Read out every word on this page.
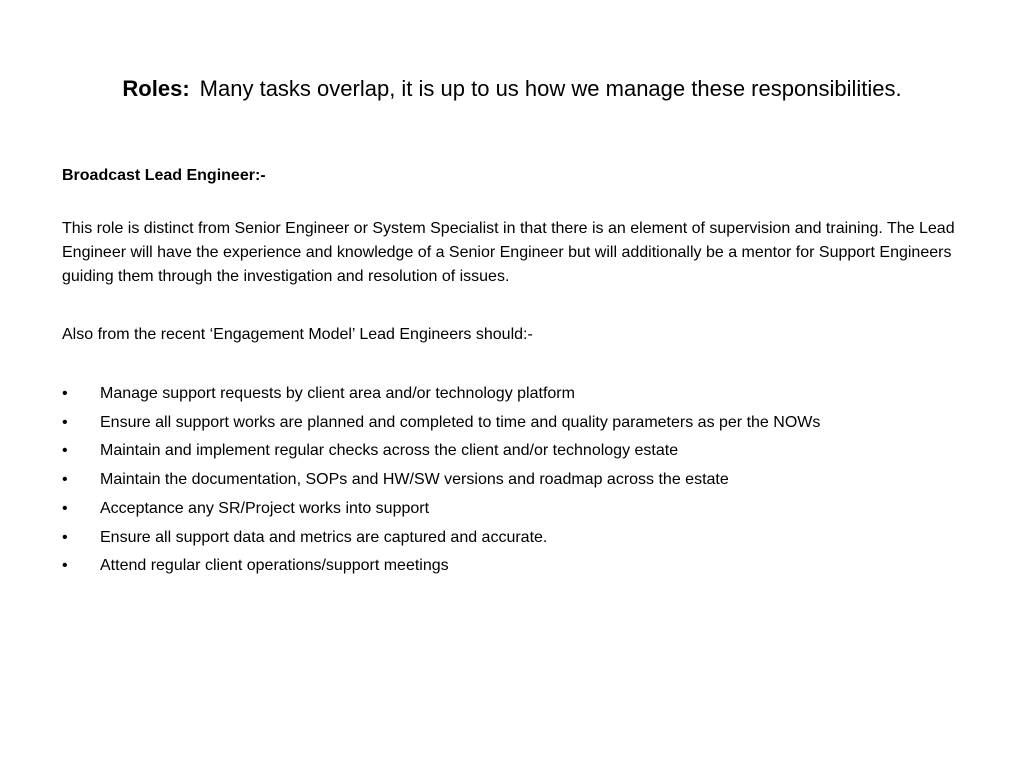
Roles: Many tasks overlap, it is up to us how we manage these responsibilities.

Broadcast Lead Engineer:-

This role is distinct from Senior Engineer or System Specialist in that there is an element of supervision and training. The Lead Engineer will have the experience and knowledge of a Senior Engineer but will additionally be a mentor for Support Engineers guiding them through the investigation and resolution of issues.

Also from the recent ‘Engagement Model’ Lead Engineers should:-

• Manage support requests by client area and/or technology platform
• Ensure all support works are planned and completed to time and quality parameters as per the NOWs
• Maintain and implement regular checks across the client and/or technology estate
• Maintain the documentation, SOPs and HW/SW versions and roadmap across the estate
• Acceptance any SR/Project works into support
• Ensure all support data and metrics are captured and accurate.
• Attend regular client operations/support meetings
